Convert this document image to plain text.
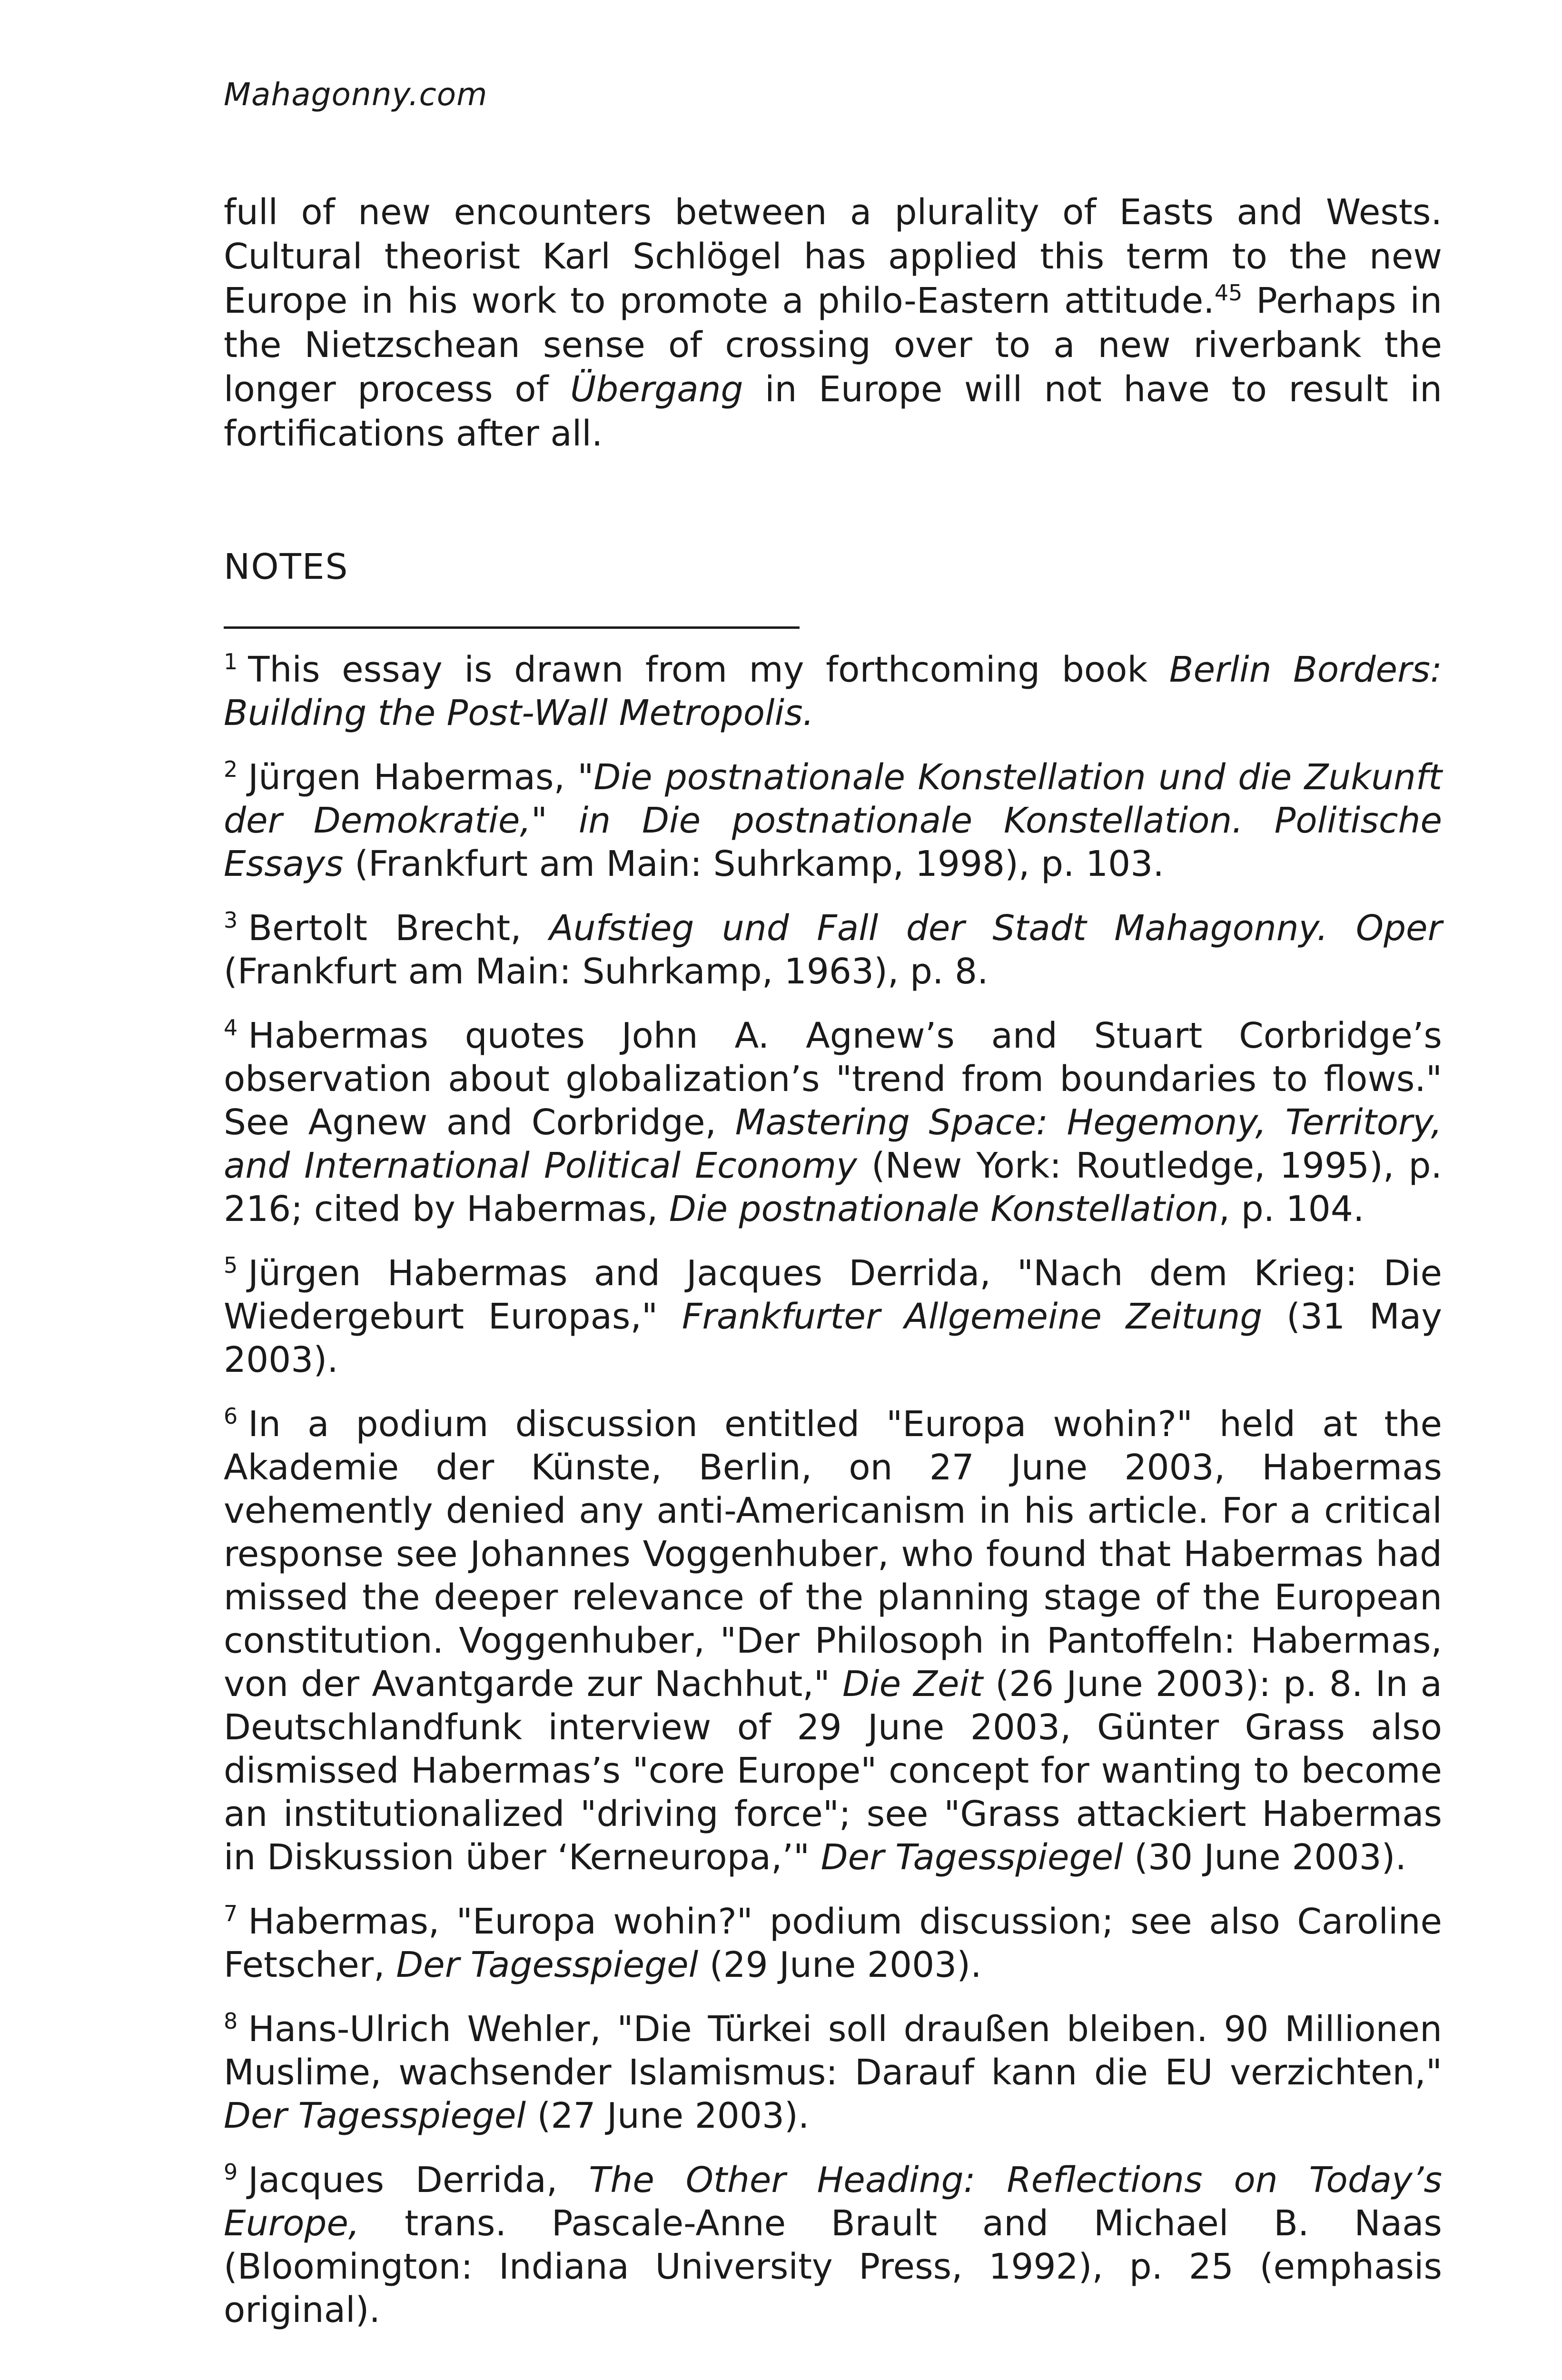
Mahagonny.com

full of new encounters between a plurality of Easts and Wests. Cultural theorist Karl Schlögel has applied this term to the new Europe in his work to promote a philo-Eastern attitude.$^{45}$ Perhaps in the Nietzschean sense of crossing over to a new riverbank the longer process of Übergang in Europe will not have to result in fortifications after all.

NOTES

$^1$ This essay is drawn from my forthcoming book Berlin Borders: Building the Post-Wall Metropolis.

$^2$ Jürgen Habermas, "Die postnationale Konstellation und die Zukunft der Demokratie," in Die postnationale Konstellation. Politische Essays (Frankfurt am Main: Suhrkamp, 1998), p. 103.

$^3$ Bertolt Brecht, Aufstieg und Fall der Stadt Mahagonny. Oper (Frankfurt am Main: Suhrkamp, 1963), p. 8.

$^4$ Habermas quotes John A. Agnew’s and Stuart Corbridge’s observation about globalization’s "trend from boundaries to flows." See Agnew and Corbridge, Mastering Space: Hegemony, Territory, and International Political Economy (New York: Routledge, 1995), p. 216; cited by Habermas, Die postnationale Konstellation, p. 104.

$^5$ Jürgen Habermas and Jacques Derrida, "Nach dem Krieg: Die Wiedergeburt Europas," Frankfurter Allgemeine Zeitung (31 May 2003).

$^6$ In a podium discussion entitled "Europa wohin?" held at the Akademie der Künste, Berlin, on 27 June 2003, Habermas vehemently denied any anti-Americanism in his article. For a critical response see Johannes Voggenhuber, who found that Habermas had missed the deeper relevance of the planning stage of the European constitution. Voggenhuber, "Der Philosoph in Pantoffeln: Habermas, von der Avantgarde zur Nachhut," Die Zeit (26 June 2003): p. 8. In a Deutschlandfunk interview of 29 June 2003, Günter Grass also dismissed Habermas’s "core Europe" concept for wanting to become an institutionalized "driving force"; see "Grass attackiert Habermas in Diskussion über ‘Kerneuropa,’" Der Tagesspiegel (30 June 2003).

$^7$ Habermas, "Europa wohin?" podium discussion; see also Caroline Fetscher, Der Tagesspiegel (29 June 2003).

$^8$ Hans-Ulrich Wehler, "Die Türkei soll draußen bleiben. 90 Millionen Muslime, wachsender Islamismus: Darauf kann die EU verzichten," Der Tagesspiegel (27 June 2003).

$^9$ Jacques Derrida, The Other Heading: Reflections on Today’s Europe, trans. Pascale-Anne Brault and Michael B. Naas (Bloomington: Indiana University Press, 1992), p. 25 (emphasis original).
